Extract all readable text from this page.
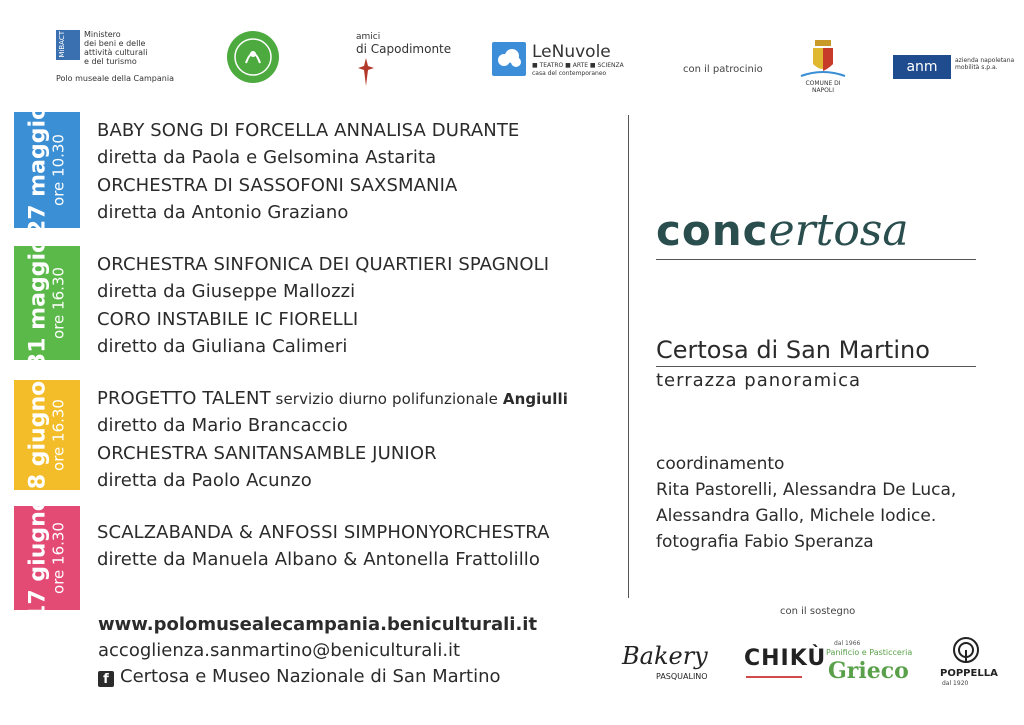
MiBACT Ministero
dei beni e delle
attività culturali
e del turismo
Polo museale della Campania
amici
di Capodimonte	LeNuvole
■ TEATRO ■ ARTE ■ SCIENZA
casa del contemporaneo	con il patrocinio
COMUNE DI NAPOLI
anm	azienda napoletana mobilità s.p.a.
27 maggio ore 10.30
31 maggio ore 16.30
8 giugno ore 16.30
17 giugno ore 16.30
BABY SONG DI FORCELLA ANNALISA DURANTE
diretta da Paola e Gelsomina Astarita
ORCHESTRA DI SASSOFONI SAXSMANIA
diretta da Antonio Graziano
ORCHESTRA SINFONICA DEI QUARTIERI SPAGNOLI
diretta da Giuseppe Mallozzi
CORO INSTABILE IC FIORELLI
diretto da Giuliana Calimeri
PROGETTO TALENT servizio diurno polifunzionale Angiulli
diretto da Mario Brancaccio
ORCHESTRA SANITANSAMBLE JUNIOR
diretta da Paolo Acunzo
SCALZABANDA & ANFOSSI SIMPHONYORCHESTRA
dirette da Manuela Albano & Antonella Frattolillo
concertosa
Certosa di San Martino
terrazza panoramica
coordinamento
Rita Pastorelli, Alessandra De Luca,
Alessandra Gallo, Michele Iodice.
fotografia Fabio Speranza
www.polomusealecampania.beniculturali.it
accoglienza.sanmartino@beniculturali.it
f Certosa e Museo Nazionale di San Martino
con il sostegno
Bakery
PASQUALINO
CHIKÙ
dal 1966
Panificio e Pasticceria
Grieco	POPPELLA
dal 1920
